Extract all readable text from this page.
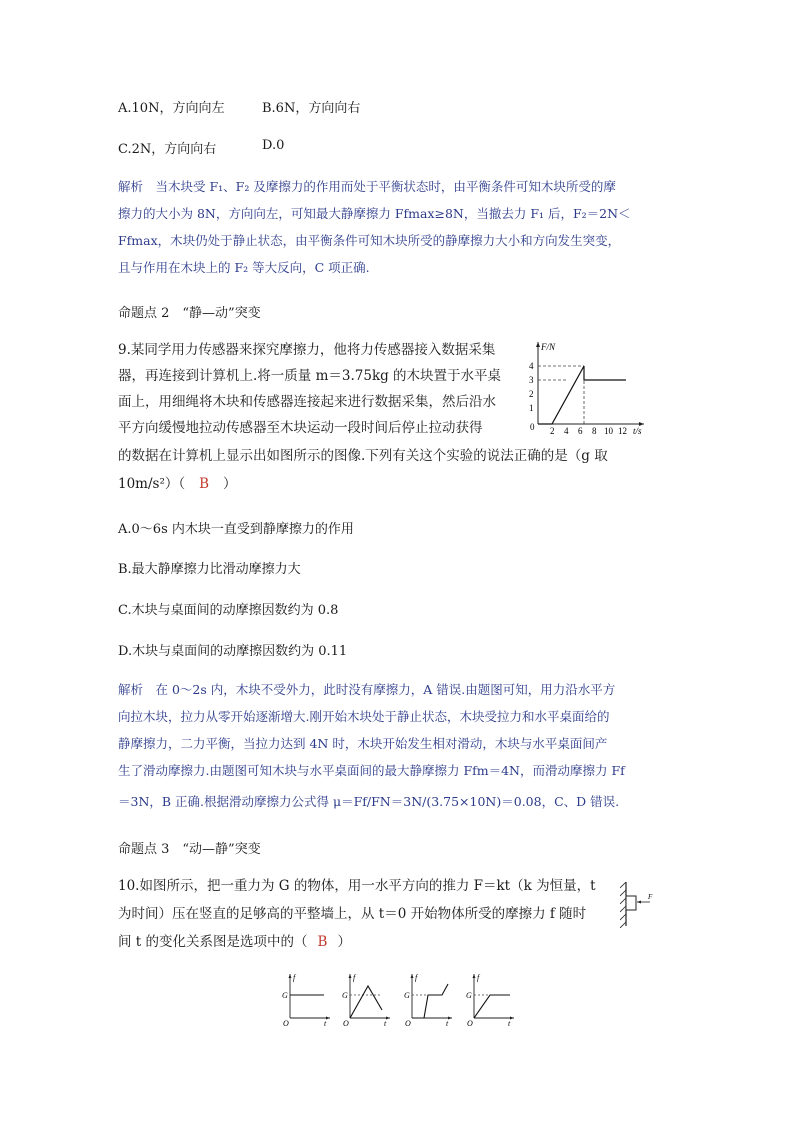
A.10N，方向向左	B.6N，方向向右
C.2N，方向向右	D.0
解析　当木块受 F₁、F₂ 及摩擦力的作用而处于平衡状态时，由平衡条件可知木块所受的摩
擦力的大小为 8N，方向向左，可知最大静摩擦力 Ffmax≥8N，当撤去力 F₁ 后，F₂＝2N＜
Ffmax，木块仍处于静止状态，由平衡条件可知木块所受的静摩擦力大小和方向发生突变，
且与作用在木块上的 F₂ 等大反向，C 项正确.
命题点 2　“静—动”突变
9.某同学用力传感器来探究摩擦力，他将力传感器接入数据采集
器，再连接到计算机上.将一质量 m＝3.75kg 的木块置于水平桌
面上，用细绳将木块和传感器连接起来进行数据采集，然后沿水
平方向缓慢地拉动传感器至木块运动一段时间后停止拉动获得
的数据在计算机上显示出如图所示的图像.下列有关这个实验的说法正确的是（g 取
10m/s²）（ B ）
F/N
t/s
0
4
3
2
1
2 4 6 8 10 12
A.0～6s 内木块一直受到静摩擦力的作用
B.最大静摩擦力比滑动摩擦力大
C.木块与桌面间的动摩擦因数约为 0.8
D.木块与桌面间的动摩擦因数约为 0.11
解析　在 0～2s 内，木块不受外力，此时没有摩擦力，A 错误.由题图可知，用力沿水平方
向拉木块，拉力从零开始逐渐增大.刚开始木块处于静止状态，木块受拉力和水平桌面给的
静摩擦力，二力平衡，当拉力达到 4N 时，木块开始发生相对滑动，木块与水平桌面间产
生了滑动摩擦力.由题图可知木块与水平桌面间的最大静摩擦力 Ffm＝4N，而滑动摩擦力 Ff
＝3N，B 正确.根据滑动摩擦力公式得 μ＝Ff/FN＝3N/(3.75×10N)＝0.08，C、D 错误.
命题点 3　“动—静”突变
10.如图所示，把一重力为 G 的物体，用一水平方向的推力 F＝kt（k 为恒量，t
为时间）压在竖直的足够高的平整墙上，从 t＝0 开始物体所受的摩擦力 f 随时
间 t 的变化关系图是选项中的（ B ）
F
f
t
O
G
f
t
O
G
f
t
O
G
f
t
O
G
